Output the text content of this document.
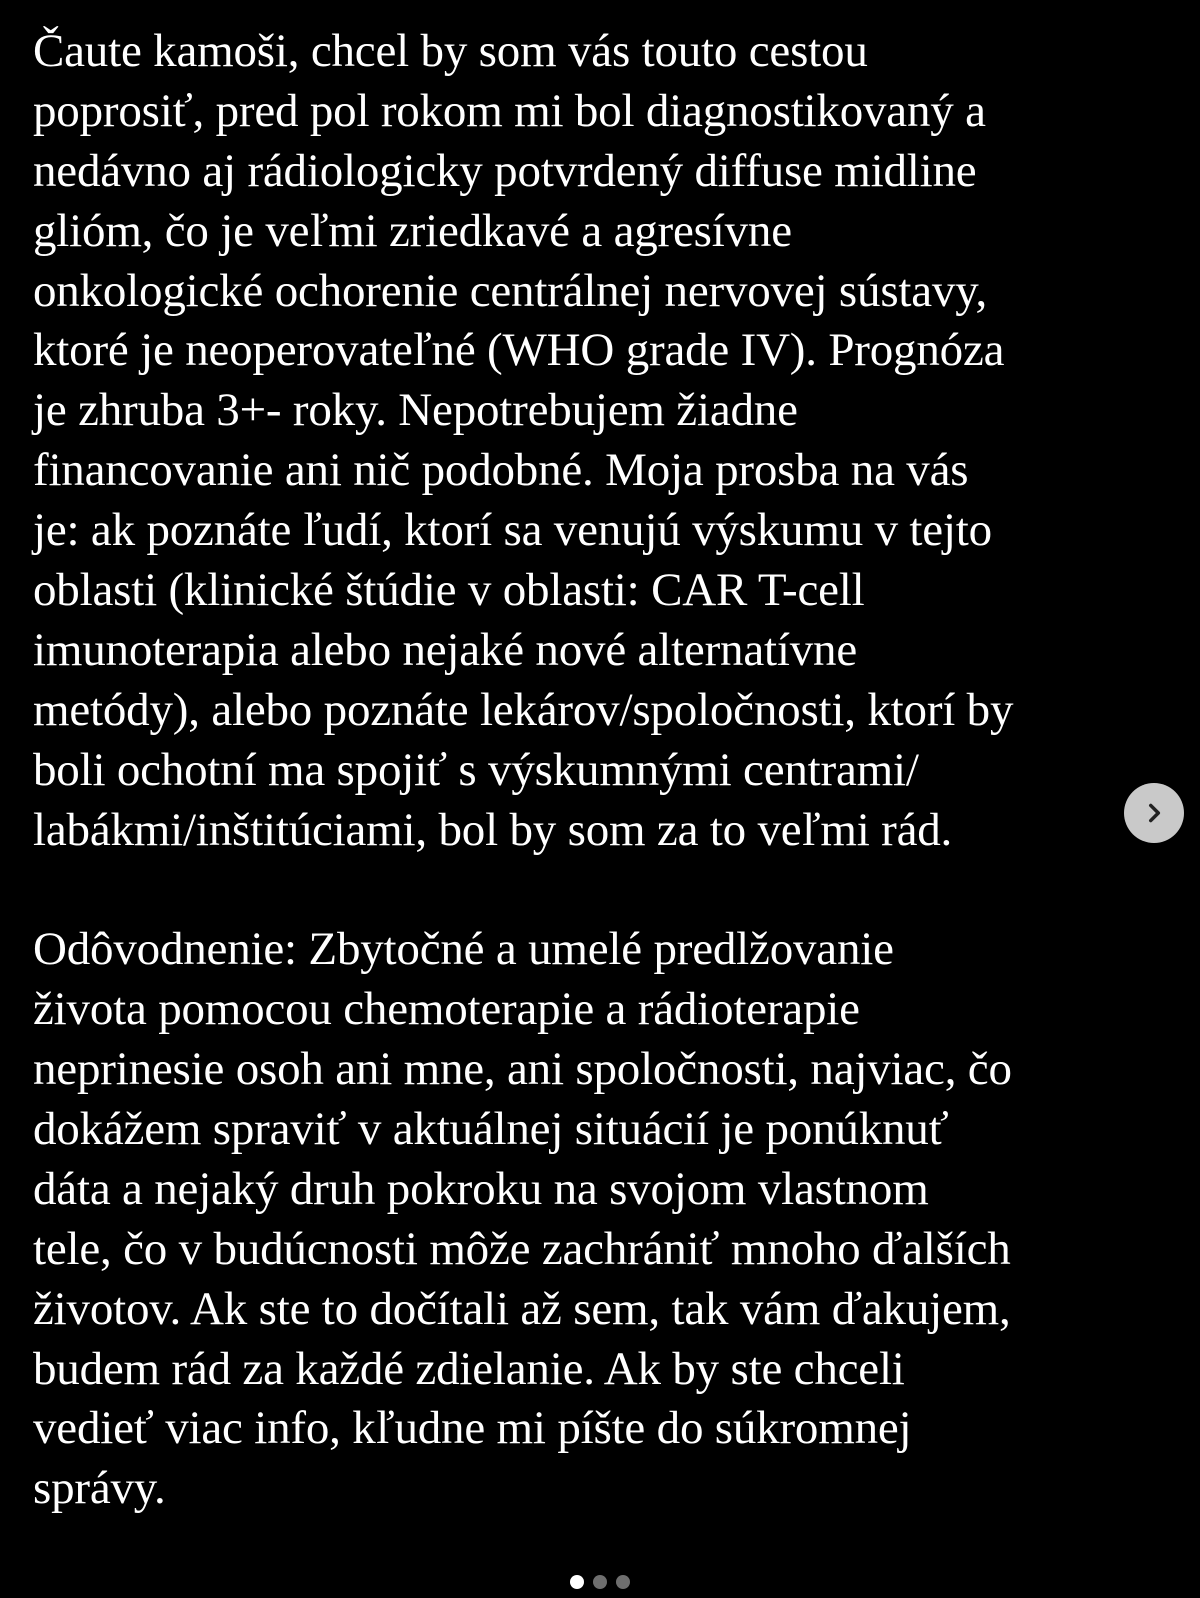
Čaute kamoši, chcel by som vás touto cestou
poprosiť, pred pol rokom mi bol diagnostikovaný a
nedávno aj rádiologicky potvrdený diffuse midline
glióm, čo je veľmi zriedkavé a agresívne
onkologické ochorenie centrálnej nervovej sústavy,
ktoré je neoperovateľné (WHO grade IV). Prognóza
je zhruba 3+- roky. Nepotrebujem žiadne
financovanie ani nič podobné. Moja prosba na vás
je: ak poznáte ľudí, ktorí sa venujú výskumu v tejto
oblasti (klinické štúdie v oblasti: CAR T-cell
imunoterapia alebo nejaké nové alternatívne
metódy), alebo poznáte lekárov/spoločnosti, ktorí by
boli ochotní ma spojiť s výskumnými centrami/
labákmi/inštitúciami, bol by som za to veľmi rád.
Odôvodnenie: Zbytočné a umelé predlžovanie
života pomocou chemoterapie a rádioterapie
neprinesie osoh ani mne, ani spoločnosti, najviac, čo
dokážem spraviť v aktuálnej situácií je ponúknuť
dáta a nejaký druh pokroku na svojom vlastnom
tele, čo v budúcnosti môže zachrániť mnoho ďalších
životov. Ak ste to dočítali až sem, tak vám ďakujem,
budem rád za každé zdielanie. Ak by ste chceli
vedieť viac info, kľudne mi píšte do súkromnej
správy.
